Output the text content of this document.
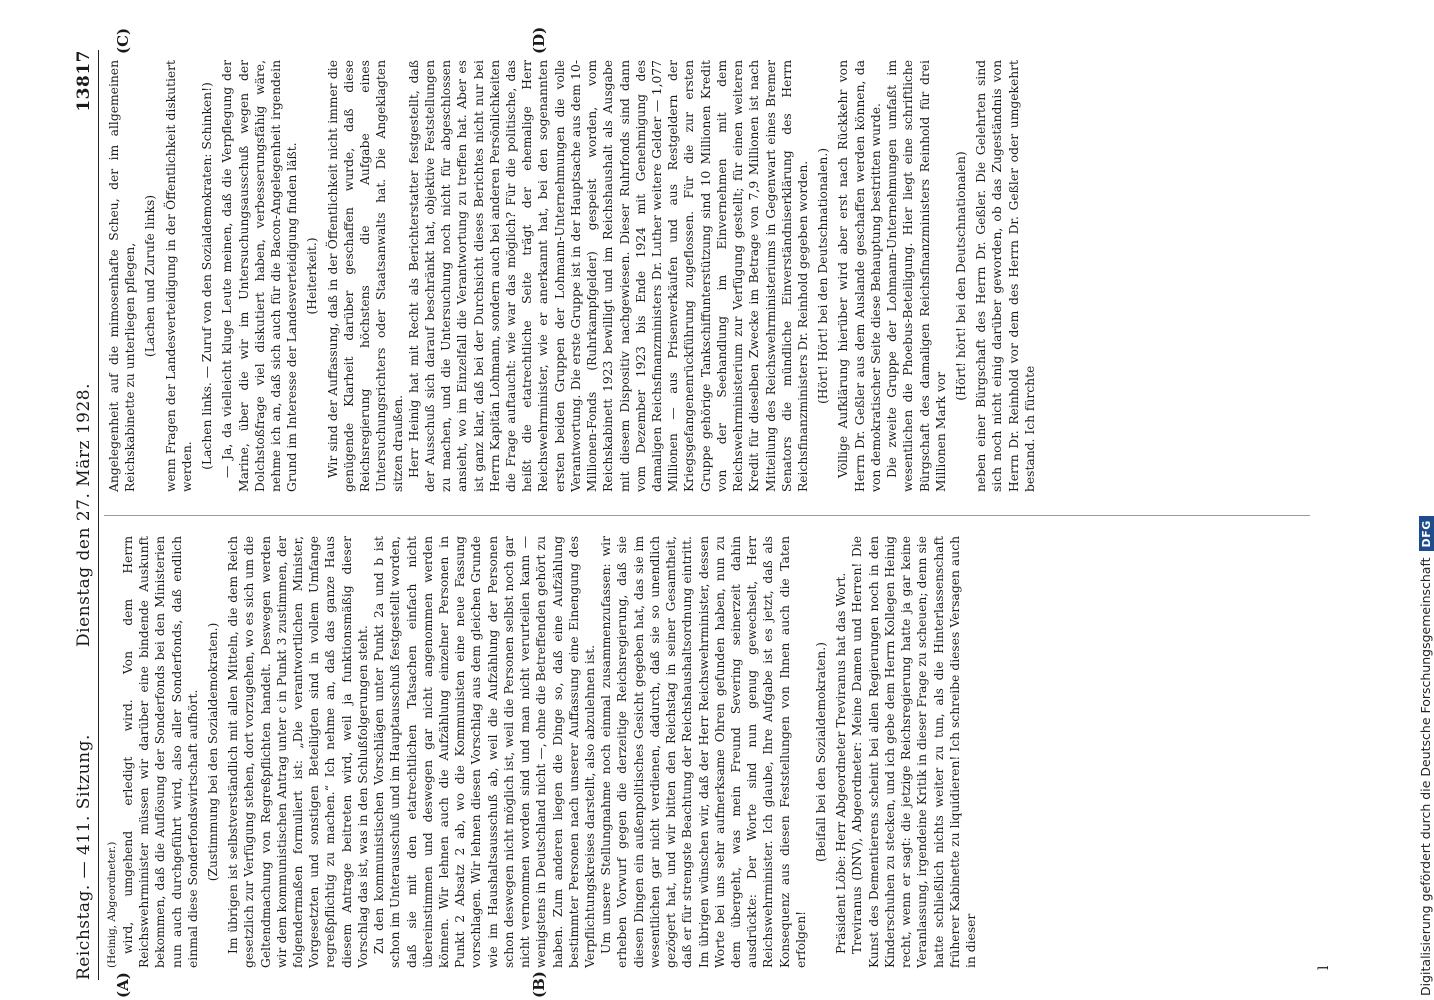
Reichstag. — 411. Sitzung.
Dienstag den 27. März 1928.
13817
(A)	(B)
(C)	(D)

(Heinig, Abgeordneter.) wird, umgehend erledigt wird. Von dem Herrn Reichswehrminister müssen wir darüber eine bindende Auskunft bekommen, daß die Auflösung der Sonderfonds bei den Ministerien nun auch durchgeführt wird, also aller Sonderfonds, daß endlich einmal diese Sonderfondswirtschaft aufhört. (Zustimmung bei den Sozialdemokraten.) Im übrigen ist selbstverständlich mit allen Mitteln, die dem Reich gesetzlich zur Verfügung stehen, dort vorzugehen, wo es sich um die Geltendmachung von Regreßpflichten handelt. Deswegen werden wir dem kommunistischen Antrag unter c in Punkt 3 zustimmen, der folgendermaßen formuliert ist: „Die verantwortlichen Minister, Vorgesetzten und sonstigen Beteiligten sind in vollem Umfange regreßpflichtig zu machen.“ Ich nehme an, daß das ganze Haus diesem Antrage beitreten wird, weil ja funktionsmäßig dieser Vorschlag das ist, was in den Schlußfolgerungen steht. Zu den kommunistischen Vorschlägen unter Punkt 2a und b ist schon im Unterausschuß und im Hauptausschuß festgestellt worden, daß sie mit den etatrechtlichen Tatsachen einfach nicht übereinstimmen und deswegen gar nicht angenommen werden können. Wir lehnen auch die Aufzählung einzelner Personen in Punkt 2 Absatz 2 ab, wo die Kommunisten eine neue Fassung vorschlagen. Wir lehnen diesen Vorschlag aus dem gleichen Grunde wie im Haushaltsausschuß ab, weil die Aufzählung der Personen schon deswegen nicht möglich ist, weil die Personen selbst noch gar nicht vernommen worden sind und man nicht verurteilen kann — wenigstens in Deutschland nicht —, ohne die Betreffenden gehört zu haben. Zum anderen liegen die Dinge so, daß eine Aufzählung bestimmter Personen nach unserer Auffassung eine Einengung des Verpflichtungskreises darstellt, also abzulehnen ist. Um unsere Stellungnahme noch einmal zusammenzufassen: wir erheben Vorwurf gegen die derzeitige Reichsregierung, daß sie diesen Dingen ein außenpolitisches Gesicht gegeben hat, das sie im wesentlichen gar nicht verdienen, dadurch, daß sie so unendlich gezögert hat, und wir bitten den Reichstag in seiner Gesamtheit, daß er für strengste Beachtung der Reichshaushaltsordnung eintritt. Im übrigen wünschen wir, daß der Herr Reichswehrminister, dessen Worte bei uns sehr aufmerksame Ohren gefunden haben, nun zu dem übergeht, was mein Freund Severing seinerzeit dahin ausdrückte: Der Worte sind nun genug gewechselt, Herr Reichswehrminister. Ich glaube, Ihre Aufgabe ist es jetzt, daß als Konsequenz aus diesen Feststellungen von Ihnen auch die Taten erfolgen!

(Beifall bei den Sozialdemokraten.) Präsident Löbe: Herr Abgeordneter Treviranus hat das Wort. Treviranus (DNV), Abgeordneter: Meine Damen und Herren! Die Kunst des Dementierens scheint bei allen Regierungen noch in den Kinderschuhen zu stecken, und ich gebe dem Herrn Kollegen Heinig recht, wenn er sagt: die jetzige Reichsregierung hatte ja gar keine Veranlassung, irgendeine Kritik in dieser Frage zu scheuen; denn sie hatte schließlich nichts weiter zu tun, als die Hinterlassenschaft früherer Kabinette zu liquidieren! Ich schreibe dieses Versagen auch in dieser

Angelegenheit auf die mimosenhafte Scheu, der im allgemeinen Reichskabinette zu unterliegen pflegen, (Lachen und Zurufe links) wenn Fragen der Landesverteidigung in der Öffentlichkeit diskutiert werden. (Lachen links. — Zuruf von den Sozialdemokraten: Schinken!) — Ja, da vielleicht kluge Leute meinen, daß die Verpflegung der Marine, über die wir im Untersuchungsausschuß wegen der Dolchstoßfrage viel diskutiert haben, verbesserungsfähig wäre, nehme ich an, daß sich auch für die Bacon-Angelegenheit irgendein Grund im Interesse der Landesverteidigung finden läßt. (Heiterkeit.) Wir sind der Auffassung, daß in der Öffentlichkeit nicht immer die genügende Klarheit darüber geschaffen wurde, daß diese Reichsregierung höchstens die Aufgabe eines Untersuchungsrichters oder Staatsanwalts hat. Die Angeklagten sitzen draußen. Herr Heinig hat mit Recht als Berichterstatter festgestellt, daß der Ausschuß sich darauf beschränkt hat, objektive Feststellungen zu machen, und die Untersuchung noch nicht für abgeschlossen ansieht, wo im Einzelfall die Verantwortung zu treffen hat. Aber es ist ganz klar, daß bei der Durchsicht dieses Berichtes nicht nur bei Herrn Kapitän Lohmann, sondern auch bei anderen Persönlichkeiten die Frage auftaucht: wie war das möglich? Für die politische, das heißt die etatrechtliche Seite trägt der ehemalige Herr Reichswehrminister, wie er anerkannt hat, bei den sogenannten ersten beiden Gruppen der Lohmann-Unternehmungen die volle Verantwortung. Die erste Gruppe ist in der Hauptsache aus dem 10-Millionen-Fonds (Ruhrkampfgelder) gespeist worden, vom Reichskabinett 1923 bewilligt und im Reichshaushalt als Ausgabe mit diesem Dispositiv nachgewiesen. Dieser Ruhrfonds sind dann vom Dezember 1923 bis Ende 1924 mit Genehmigung des damaligen Reichsfinanzministers Dr. Luther weitere Gelder — 1,077 Millionen — aus Prisenverkäufen und aus Restgeldern der Kriegsgefangenenrückführung zugeflossen. Für die zur ersten Gruppe gehörige Tankschiffunterstützung sind 10 Millionen Kredit von der Seehandlung im Einvernehmen mit dem Reichswehrministerium zur Verfügung gestellt; für einen weiteren Kredit für dieselben Zwecke im Betrage von 7,9 Millionen ist nach Mitteilung des Reichswehrministeriums in Gegenwart eines Bremer Senators die mündliche Einverständniserklärung des Herrn Reichsfinanzministers Dr. Reinhold gegeben worden. (Hört! Hört! bei den Deutschnationalen.) Völlige Aufklärung hierüber wird aber erst nach Rückkehr von Herrn Dr. Geßler aus dem Auslande geschaffen werden können, da von demokratischer Seite diese Behauptung bestritten wurde. Die zweite Gruppe der Lohmann-Unternehmungen umfaßt im wesentlichen die Phoebus-Beteiligung. Hier liegt eine schriftliche Bürgschaft des damaligen Reichsfinanzministers Reinhold für drei Millionen Mark vor

(Hört! hört! bei den Deutschnationalen) neben einer Bürgschaft des Herrn Dr. Geßler. Die Gelehrten sind sich noch nicht einig darüber geworden, ob das Zugeständnis von Herrn Dr. Reinhold vor dem des Herrn Dr. Geßler oder umgekehrt bestand. Ich fürchte

l	Digitalisierung gefördert durch die Deutsche ForschungsgemeinschaftDFG
